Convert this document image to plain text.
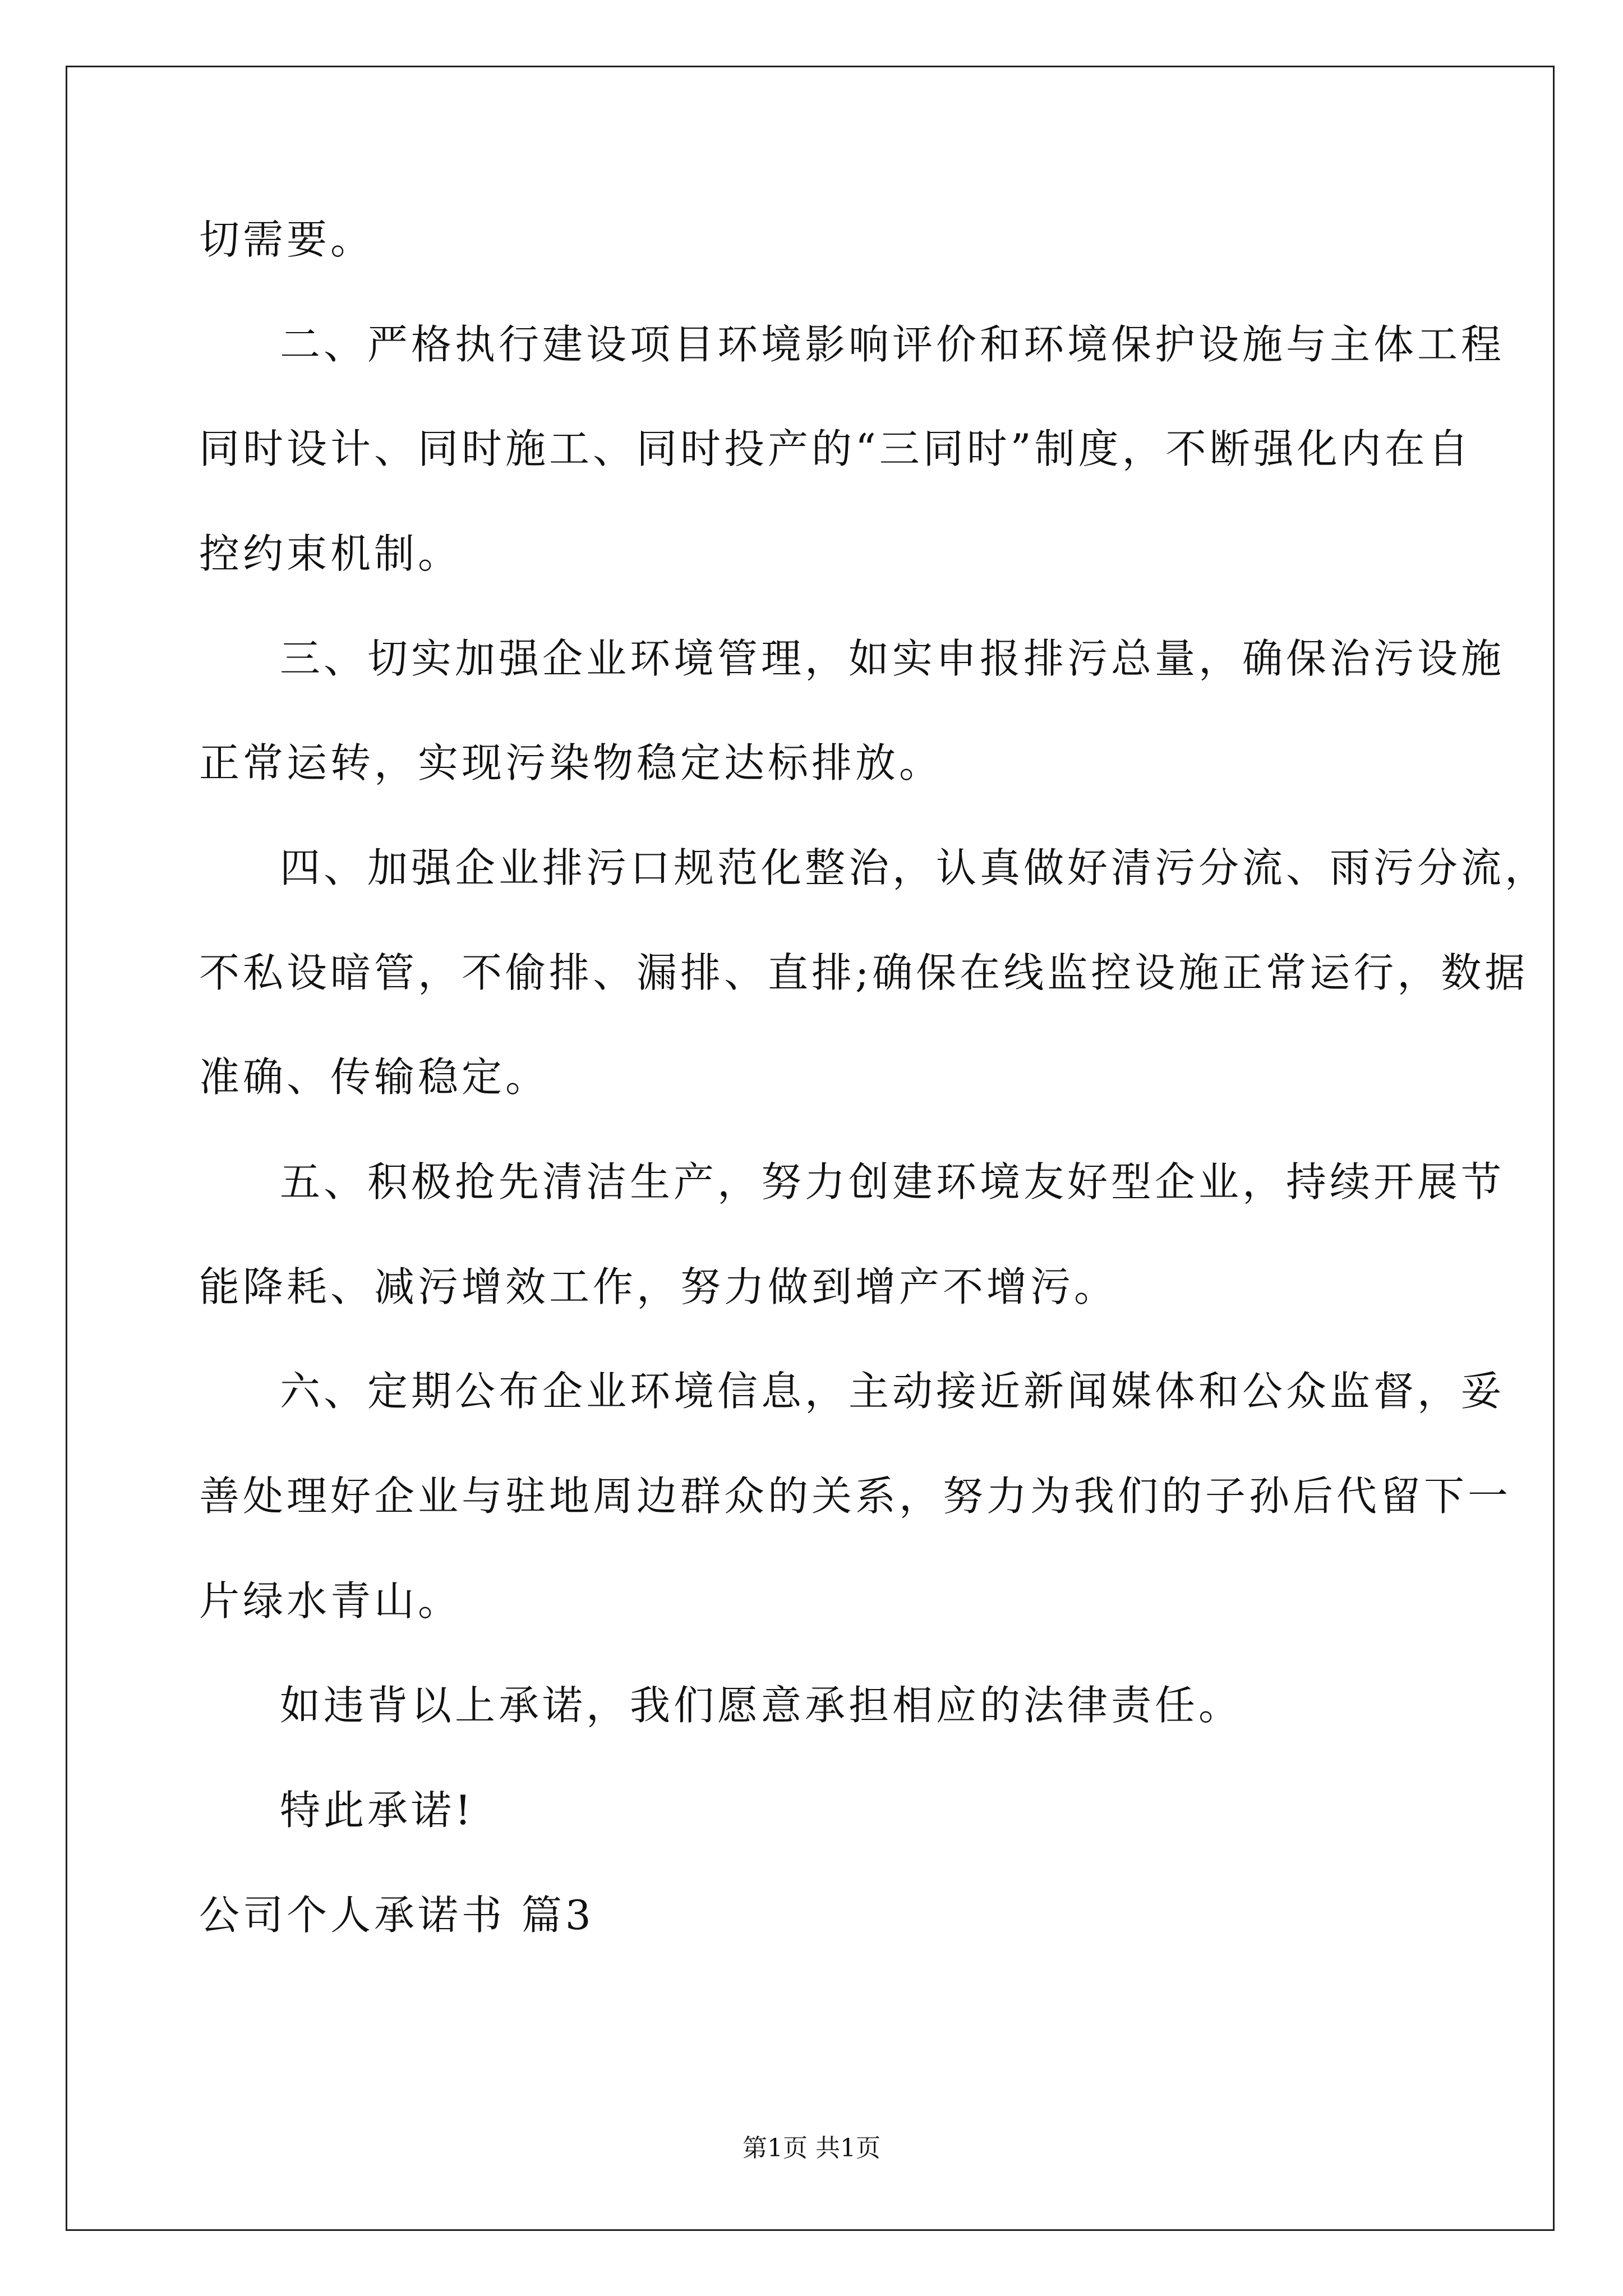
切需要。
二、严格执行建设项目环境影响评价和环境保护设施与主体工程
同时设计、同时施工、同时投产的“三同时”制度，不断强化内在自
控约束机制。
三、切实加强企业环境管理，如实申报排污总量，确保治污设施
正常运转，实现污染物稳定达标排放。
四、加强企业排污口规范化整治，认真做好清污分流、雨污分流，
不私设暗管，不偷排、漏排、直排;确保在线监控设施正常运行，数据
准确、传输稳定。
五、积极抢先清洁生产，努力创建环境友好型企业，持续开展节
能降耗、减污增效工作，努力做到增产不增污。
六、定期公布企业环境信息，主动接近新闻媒体和公众监督，妥
善处理好企业与驻地周边群众的关系，努力为我们的子孙后代留下一
片绿水青山。
如违背以上承诺，我们愿意承担相应的法律责任。
特此承诺!
公司个人承诺书 篇3
第1页 共1页
